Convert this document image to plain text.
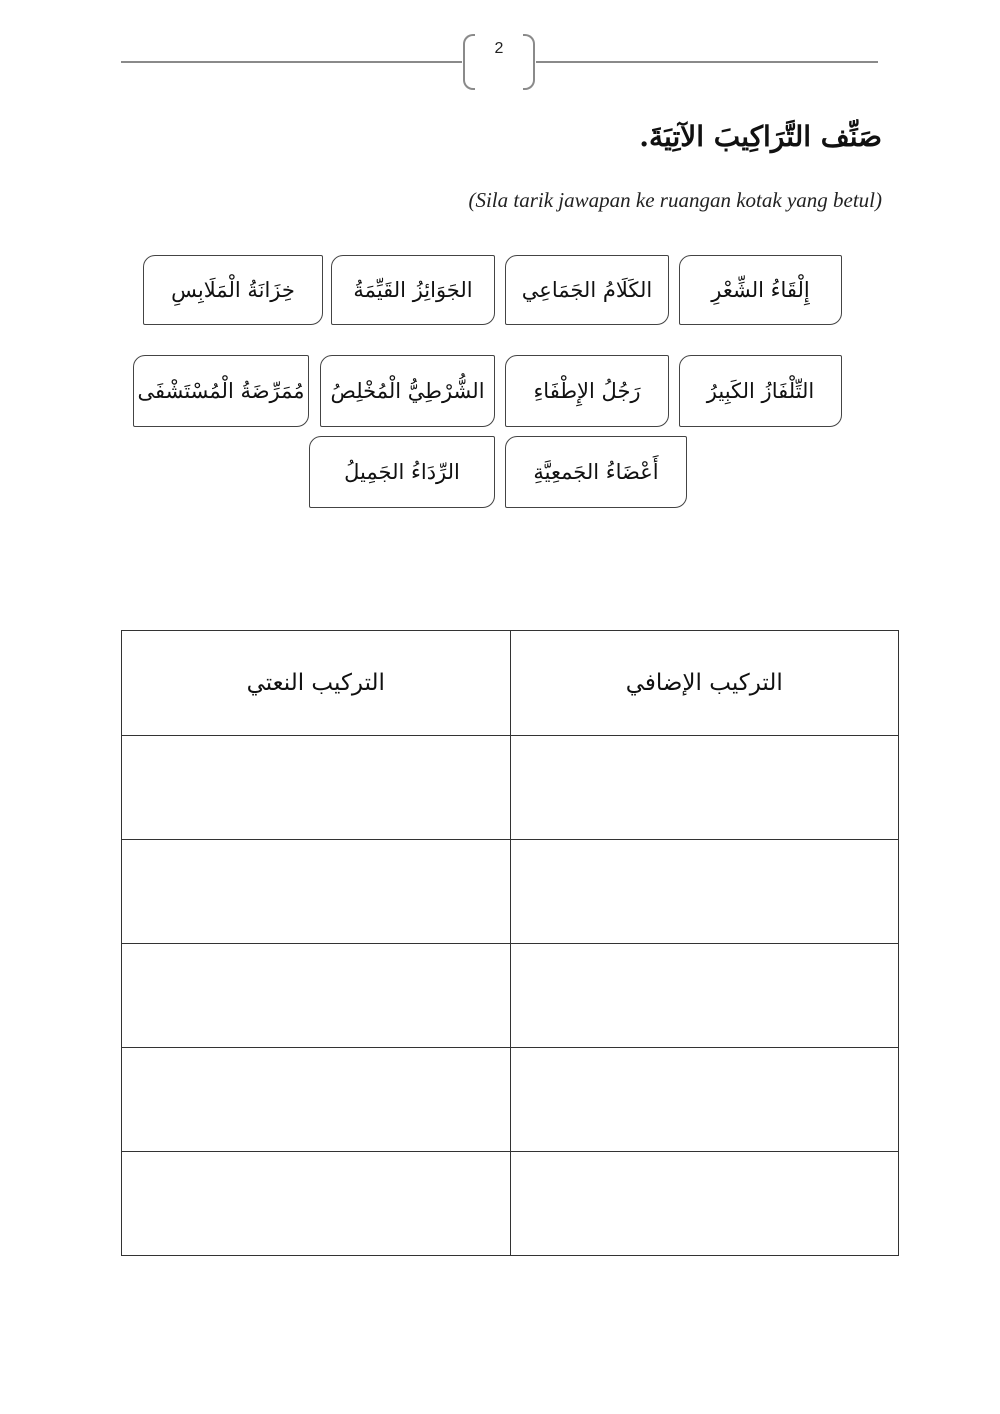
2
صَنِّف التَّرَاكِيبَ الآتِيَةَ.
(Sila tarik jawapan ke ruangan kotak yang betul)
إِلْقَاءُ الشِّعْرِ
الكَلَامُ الجَمَاعِي
الجَوَائِزُ القَيِّمَةُ
خِزَانَةُ الْمَلَابِسِ
التِّلْفَازُ الكَبِيرُ
رَجُلُ الإِطْفَاءِ
الشُّرْطِيُّ الْمُخْلِصُ
مُمَرِّضَةُ الْمُسْتَشْفَى
أَعْضَاءُ الجَمعِيَّةِ
الرِّدَاءُ الجَمِيلُ
التركيب النعتي	التركيب الإضافي
